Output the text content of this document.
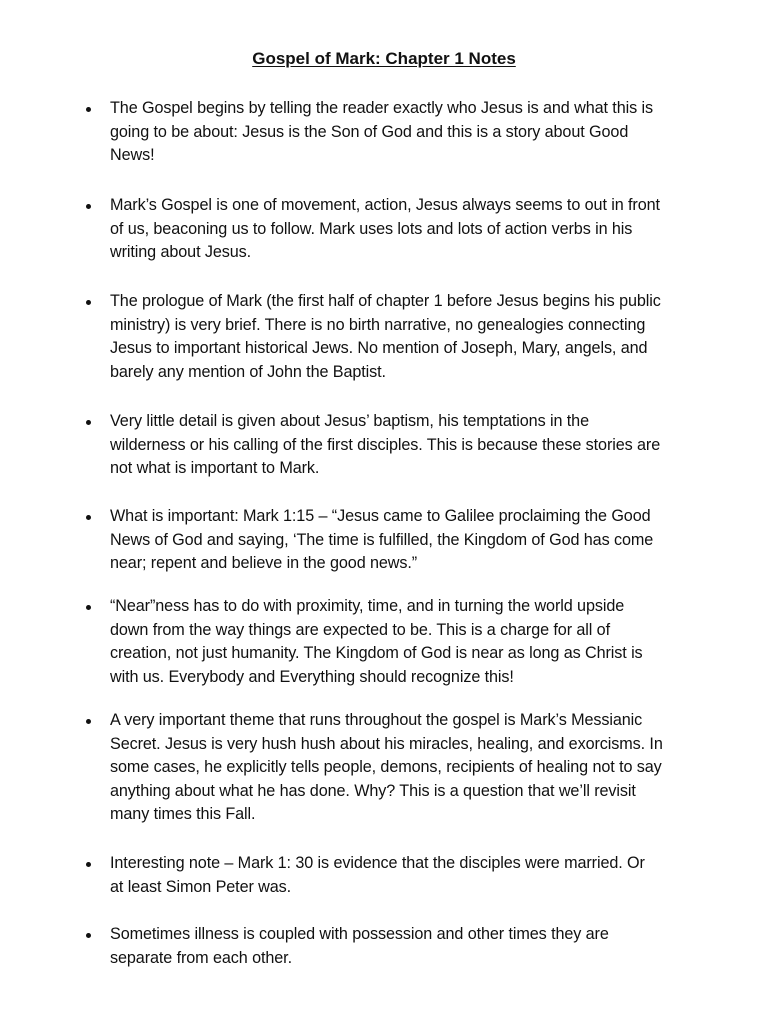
Gospel of Mark: Chapter 1 Notes
The Gospel begins by telling the reader exactly who Jesus is and what this is
going to be about: Jesus is the Son of God and this is a story about Good
News!
Mark’s Gospel is one of movement, action, Jesus always seems to out in front
of us, beaconing us to follow. Mark uses lots and lots of action verbs in his
writing about Jesus.
The prologue of Mark (the first half of chapter 1 before Jesus begins his public
ministry) is very brief. There is no birth narrative, no genealogies connecting
Jesus to important historical Jews. No mention of Joseph, Mary, angels, and
barely any mention of John the Baptist.
Very little detail is given about Jesus’ baptism, his temptations in the
wilderness or his calling of the first disciples. This is because these stories are
not what is important to Mark.
What is important: Mark 1:15 – “Jesus came to Galilee proclaiming the Good
News of God and saying, ‘The time is fulfilled, the Kingdom of God has come
near; repent and believe in the good news.”
“Near”ness has to do with proximity, time, and in turning the world upside
down from the way things are expected to be. This is a charge for all of
creation, not just humanity. The Kingdom of God is near as long as Christ is
with us. Everybody and Everything should recognize this!
A very important theme that runs throughout the gospel is Mark’s Messianic
Secret. Jesus is very hush hush about his miracles, healing, and exorcisms. In
some cases, he explicitly tells people, demons, recipients of healing not to say
anything about what he has done. Why? This is a question that we’ll revisit
many times this Fall.
Interesting note – Mark 1: 30 is evidence that the disciples were married. Or
at least Simon Peter was.
Sometimes illness is coupled with possession and other times they are
separate from each other.
